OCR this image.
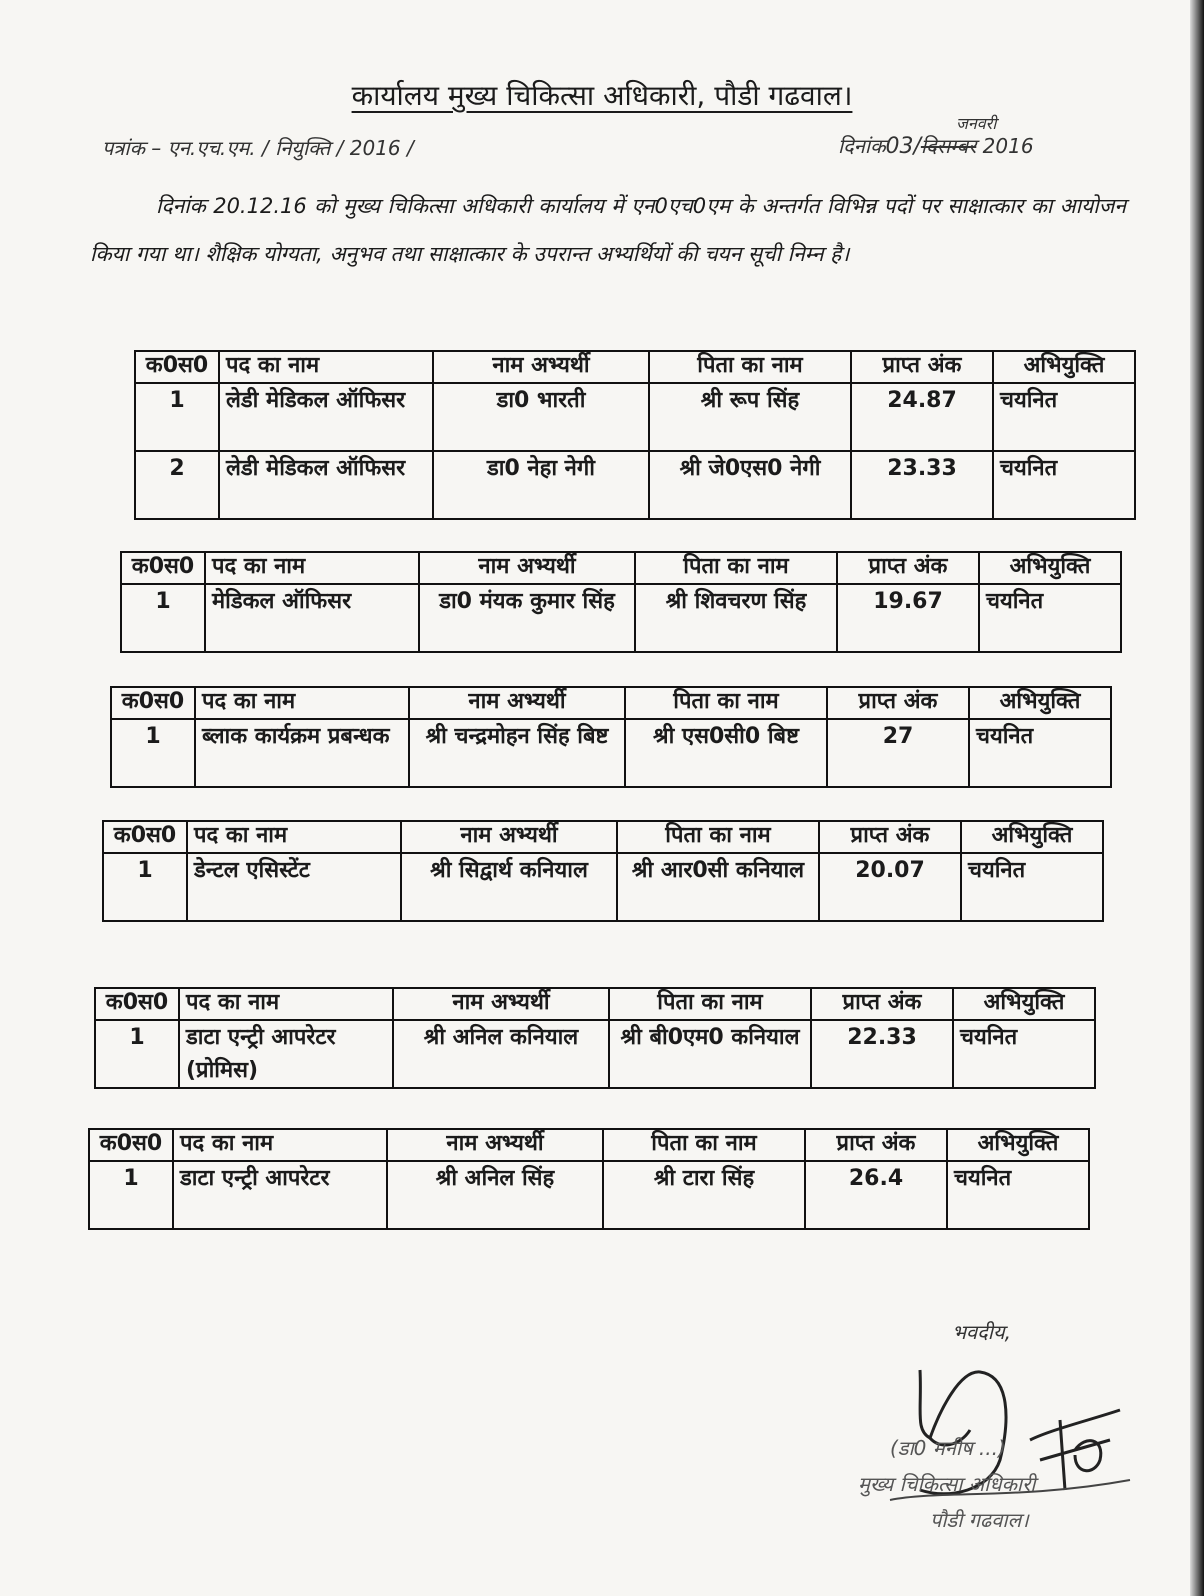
कार्यालय मुख्य चिकित्सा अधिकारी, पौडी गढवाल।
पत्रांक – एन.एच.एम. / नियुक्ति / 2016 /	दिनांक03/दिसम्बर 2016
जनवरी
दिनांक 20.12.16 को मुख्य चिकित्सा अधिकारी कार्यालय में एन0एच0एम के अन्तर्गत विभिन्न पदों पर साक्षात्कार का आयोजन किया गया था। शैक्षिक योग्यता, अनुभव तथा साक्षात्कार के उपरान्त अभ्यर्थियों की चयन सूची निम्न है।
क0स0	पद का नाम	नाम अभ्यर्थी	पिता का नाम	प्राप्त अंक	अभियुक्ति
1	लेडी मेडिकल ऑफिसर	डा0 भारती	श्री रूप सिंह	24.87	चयनित
2	लेडी मेडिकल ऑफिसर	डा0 नेहा नेगी	श्री जे0एस0 नेगी	23.33	चयनित
क0स0	पद का नाम	नाम अभ्यर्थी	पिता का नाम	प्राप्त अंक	अभियुक्ति
1	मेडिकल ऑफिसर	डा0 मंयक कुमार सिंह	श्री शिवचरण सिंह	19.67	चयनित
क0स0	पद का नाम	नाम अभ्यर्थी	पिता का नाम	प्राप्त अंक	अभियुक्ति
1	ब्लाक कार्यक्रम प्रबन्धक	श्री चन्द्रमोहन सिंह बिष्ट	श्री एस0सी0 बिष्ट	27	चयनित
क0स0	पद का नाम	नाम अभ्यर्थी	पिता का नाम	प्राप्त अंक	अभियुक्ति
1	डेन्टल एसिस्टेंट	श्री सिद्वार्थ कनियाल	श्री आर0सी कनियाल	20.07	चयनित
क0स0	पद का नाम	नाम अभ्यर्थी	पिता का नाम	प्राप्त अंक	अभियुक्ति
1	डाटा एन्ट्री आपरेटर (प्रोमिस)	श्री अनिल कनियाल	श्री बी0एम0 कनियाल	22.33	चयनित
क0स0	पद का नाम	नाम अभ्यर्थी	पिता का नाम	प्राप्त अंक	अभियुक्ति
1	डाटा एन्ट्री आपरेटर	श्री अनिल सिंह	श्री टारा सिंह	26.4	चयनित
भवदीय,
(डा0 मनीष ...)
मुख्य चिकित्सा अधिकारी
पौडी गढवाल।
